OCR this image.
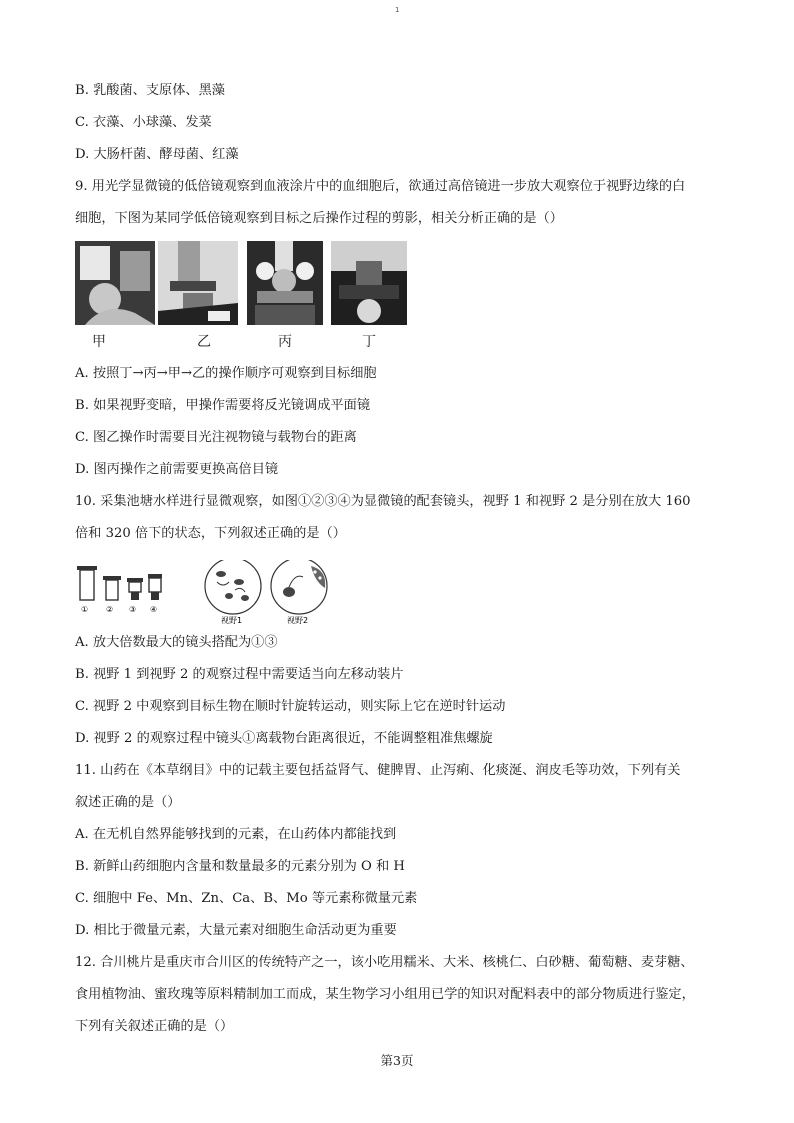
1
B. 乳酸菌、支原体、黑藻
C. 衣藻、小球藻、发菜
D. 大肠杆菌、酵母菌、红藻
9. 用光学显微镜的低倍镜观察到血液涂片中的血细胞后，欲通过高倍镜进一步放大观察位于视野边缘的白
细胞，下图为某同学低倍镜观察到目标之后操作过程的剪影，相关分析正确的是（）
甲	乙	丙	丁
A. 按照丁→丙→甲→乙的操作顺序可观察到目标细胞
B. 如果视野变暗，甲操作需要将反光镜调成平面镜
C. 图乙操作时需要目光注视物镜与载物台的距离
D. 图丙操作之前需要更换高倍目镜
10. 采集池塘水样进行显微观察，如图①②③④为显微镜的配套镜头，视野 1 和视野 2 是分别在放大 160
倍和 320 倍下的状态，下列叙述正确的是（）
① ② ③ ④
视野1	视野2
A. 放大倍数最大的镜头搭配为①③
B. 视野 1 到视野 2 的观察过程中需要适当向左移动装片
C. 视野 2 中观察到目标生物在顺时针旋转运动，则实际上它在逆时针运动
D. 视野 2 的观察过程中镜头①离载物台距离很近，不能调整粗准焦螺旋
11. 山药在《本草纲目》中的记载主要包括益肾气、健脾胃、止泻痢、化痰涎、润皮毛等功效，下列有关
叙述正确的是（）
A. 在无机自然界能够找到的元素，在山药体内都能找到
B. 新鲜山药细胞内含量和数量最多的元素分别为 O 和 H
C. 细胞中 Fe、Mn、Zn、Ca、B、Mo 等元素称微量元素
D. 相比于微量元素，大量元素对细胞生命活动更为重要
12. 合川桃片是重庆市合川区的传统特产之一，该小吃用糯米、大米、核桃仁、白砂糖、葡萄糖、麦芽糖、
食用植物油、蜜玫瑰等原料精制加工而成，某生物学习小组用已学的知识对配料表中的部分物质进行鉴定，
下列有关叙述正确的是（）
第3页
